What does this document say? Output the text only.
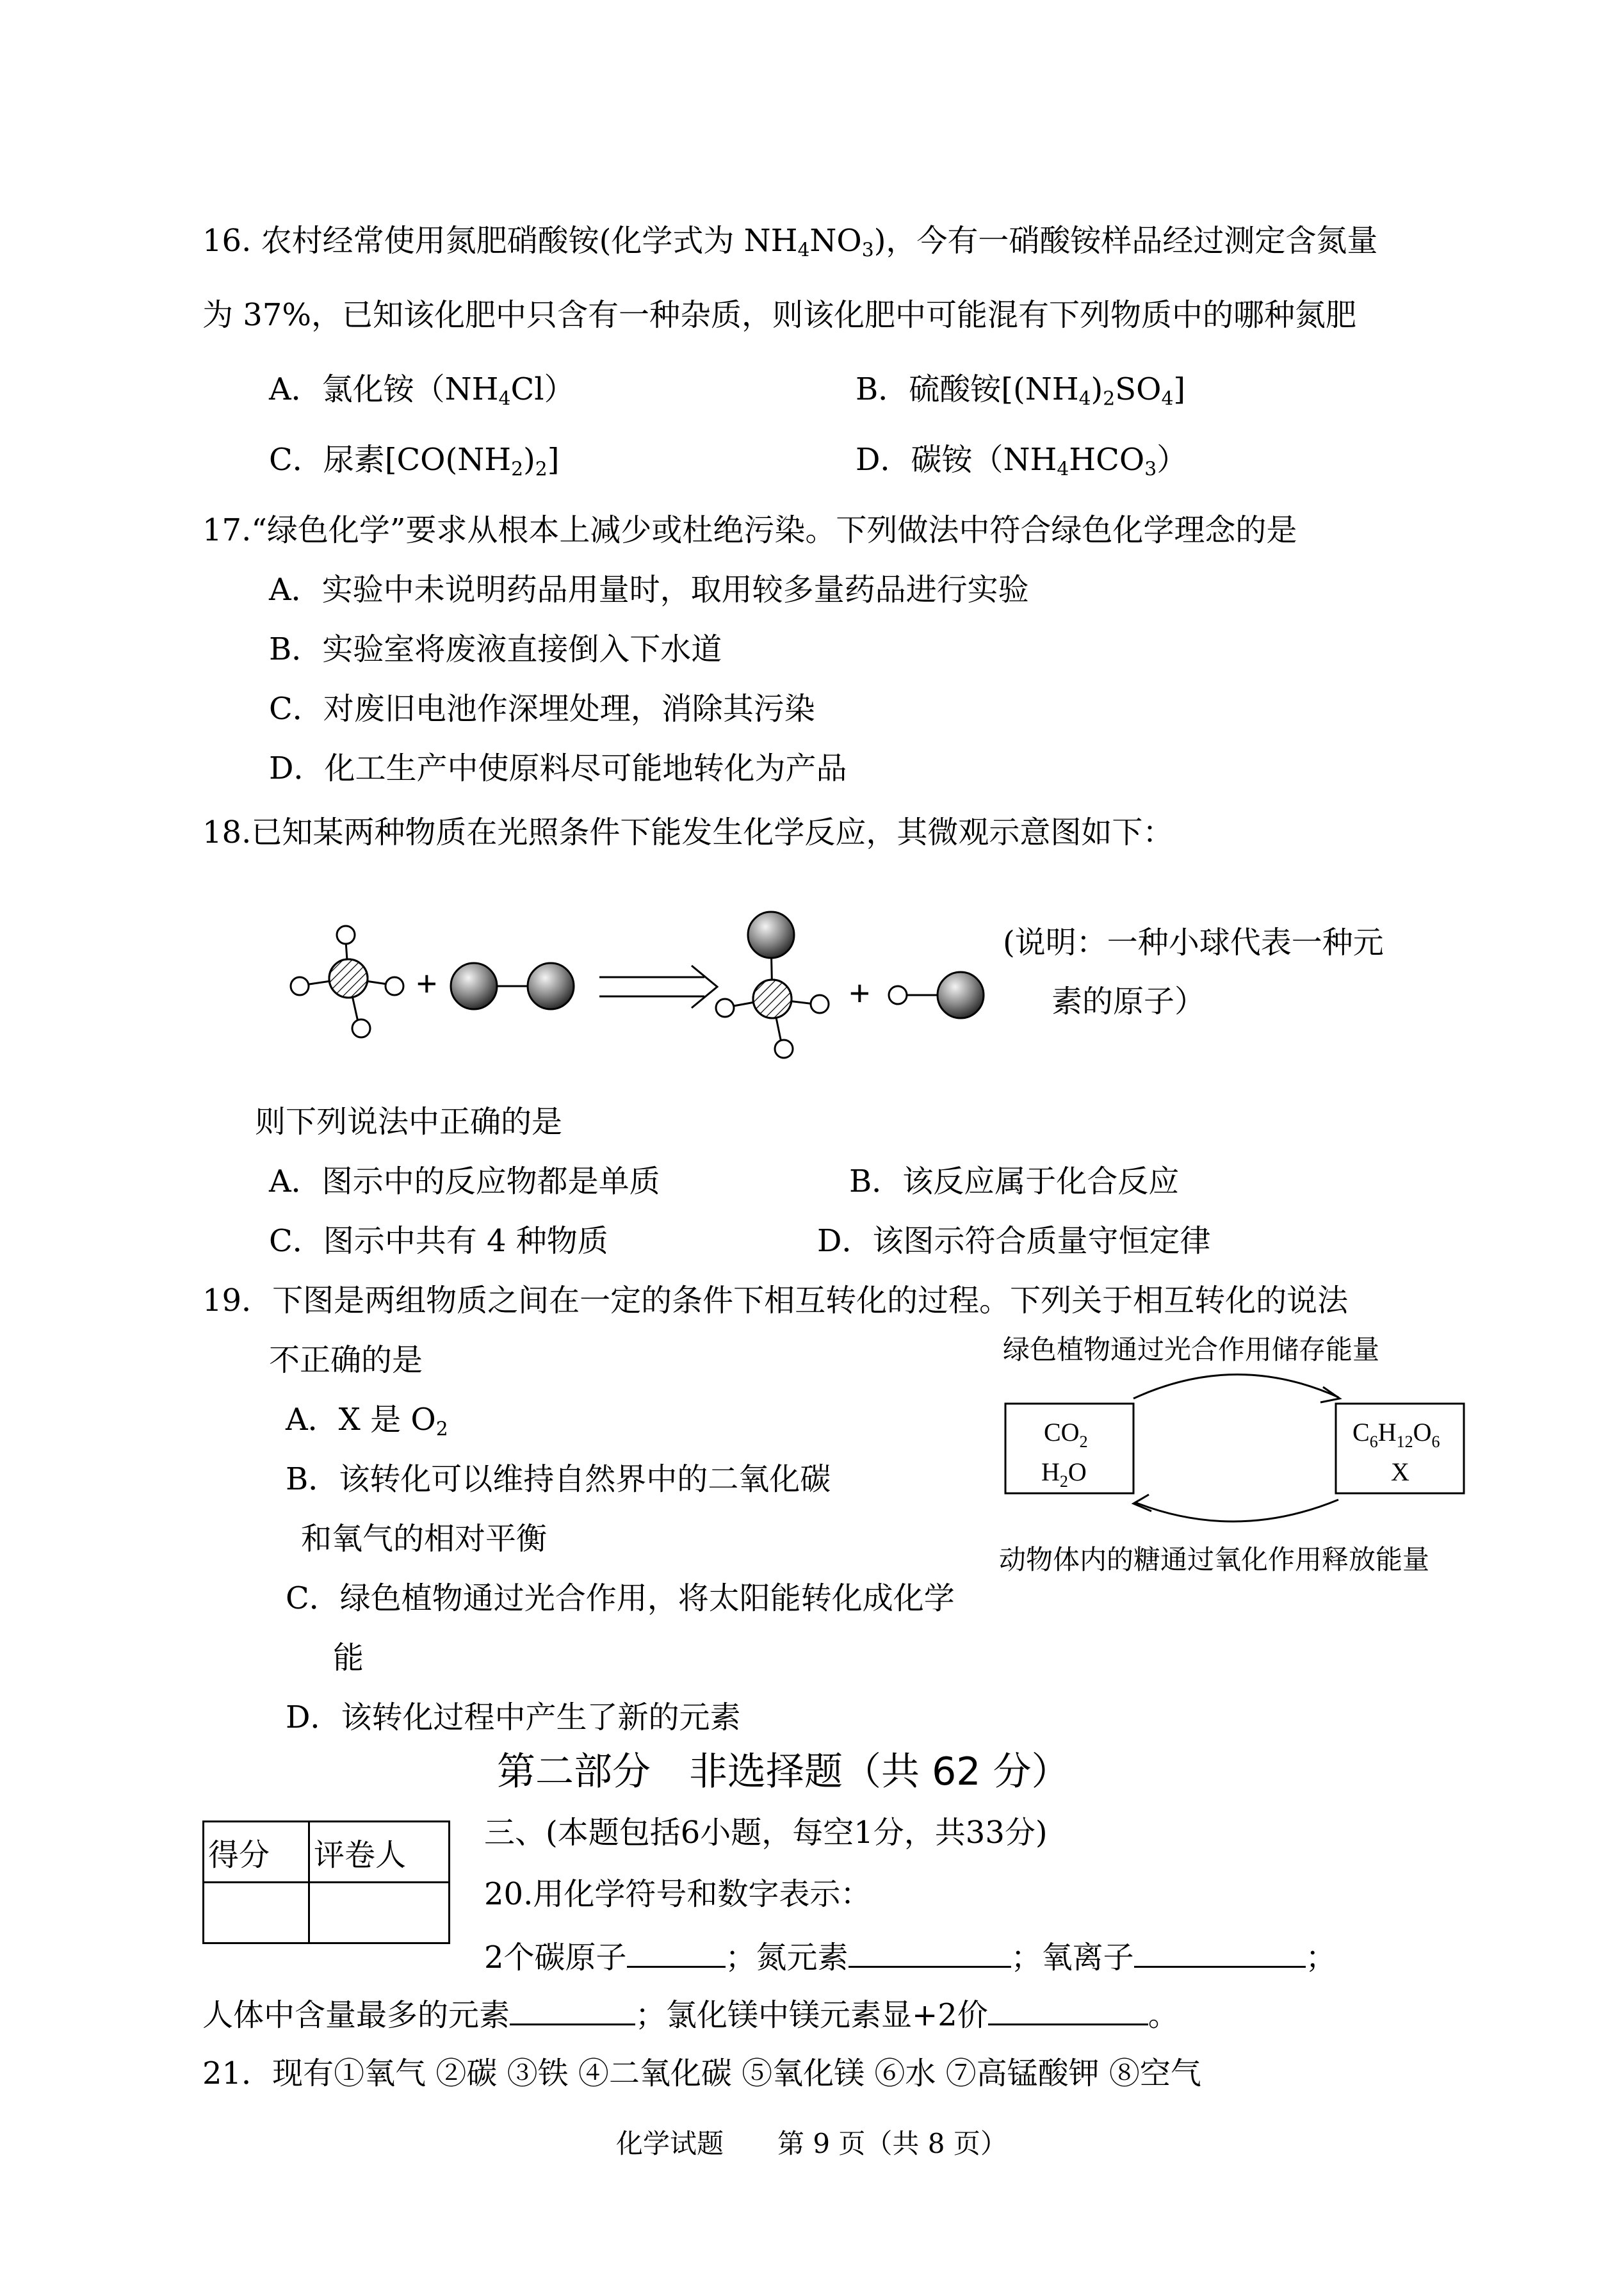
16. 农村经常使用氮肥硝酸铵(化学式为 $NH_4NO_3$)，今有一硝酸铵样品经过测定含氮量
为 37%，已知该化肥中只含有一种杂质，则该化肥中可能混有下列物质中的哪种氮肥
A．氯化铵$(NH_4Cl)$	B．硫酸铵$[(NH_4)_2SO_4]$
C．尿素$[CO(NH_2)_2]$	D．碳铵$(NH_4HCO_3)$
17.“绿色化学”要求从根本上减少或杜绝污染。下列做法中符合绿色化学理念的是
A．实验中未说明药品用量时，取用较多量药品进行实验
B．实验室将废液直接倒入下水道
C．对废旧电池作深埋处理，消除其污染
D．化工生产中使原料尽可能地转化为产品
18.已知某两种物质在光照条件下能发生化学反应，其微观示意图如下：
+	+
(说明：一种小球代表一种元
素的原子）
则下列说法中正确的是
A．图示中的反应物都是单质	B．该反应属于化合反应
C．图示中共有 4 种物质	D．该图示符合质量守恒定律
19．下图是两组物质之间在一定的条件下相互转化的过程。下列关于相互转化的说法
不正确的是
A．X 是 $O_2$
B．该转化可以维持自然界中的二氧化碳
和氧气的相对平衡
C．绿色植物通过光合作用，将太阳能转化成化学
能
D．该转化过程中产生了新的元素
绿色植物通过光合作用储存能量
$CO_2$
$H_2O$
$C_6H_{12}O_6$
X
动物体内的糖通过氧化作用释放能量
第二部分　非选择题（共 62 分）
得分	评卷人

三、(本题包括6小题，每空1分，共33分)
20.用化学符号和数字表示：
2个碳原子	；氮元素	；氧离子	；
人体中含量最多的元素	；氯化镁中镁元素显+2价	。
21．现有①氧气 ②碳 ③铁 ④二氧化碳 ⑤氧化镁 ⑥水 ⑦高锰酸钾 ⑧空气
化学试题　　第 9 页（共 8 页）
